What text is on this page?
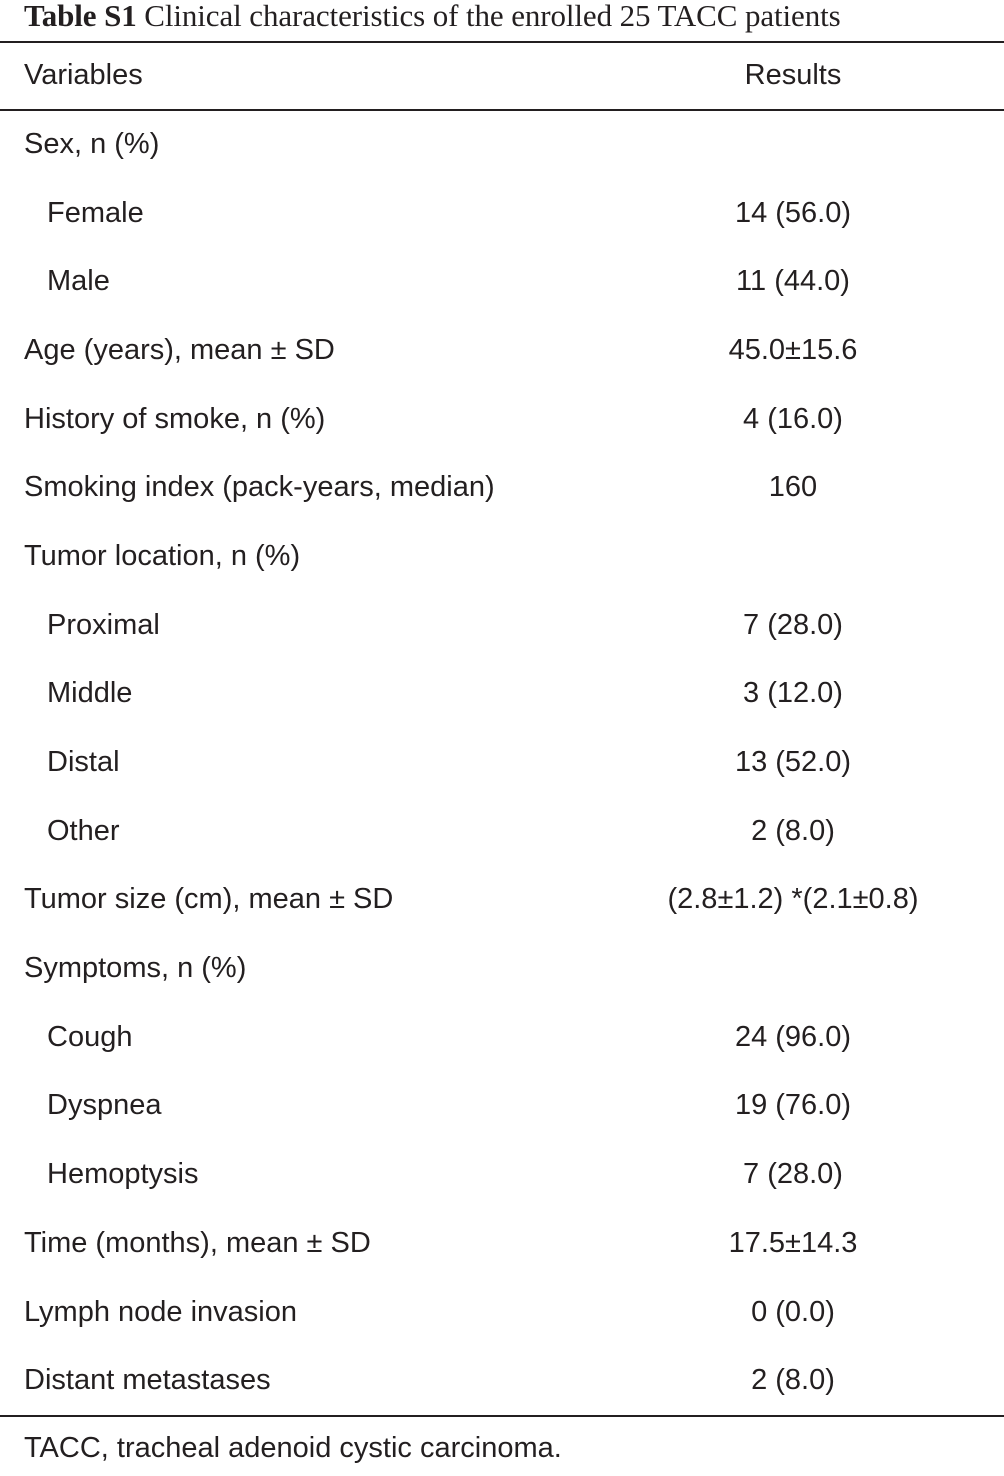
Table S1 Clinical characteristics of the enrolled 25 TACC patients
Variables	Results
Sex, n (%)
Female	14 (56.0)
Male	11 (44.0)
Age (years), mean ± SD	45.0±15.6
History of smoke, n (%)	4 (16.0)
Smoking index (pack-years, median)	160
Tumor location, n (%)
Proximal	7 (28.0)
Middle	3 (12.0)
Distal	13 (52.0)
Other	2 (8.0)
Tumor size (cm), mean ± SD	(2.8±1.2) *(2.1±0.8)
Symptoms, n (%)
Cough	24 (96.0)
Dyspnea	19 (76.0)
Hemoptysis	7 (28.0)
Time (months), mean ± SD	17.5±14.3
Lymph node invasion	0 (0.0)
Distant metastases	2 (8.0)
TACC, tracheal adenoid cystic carcinoma.
